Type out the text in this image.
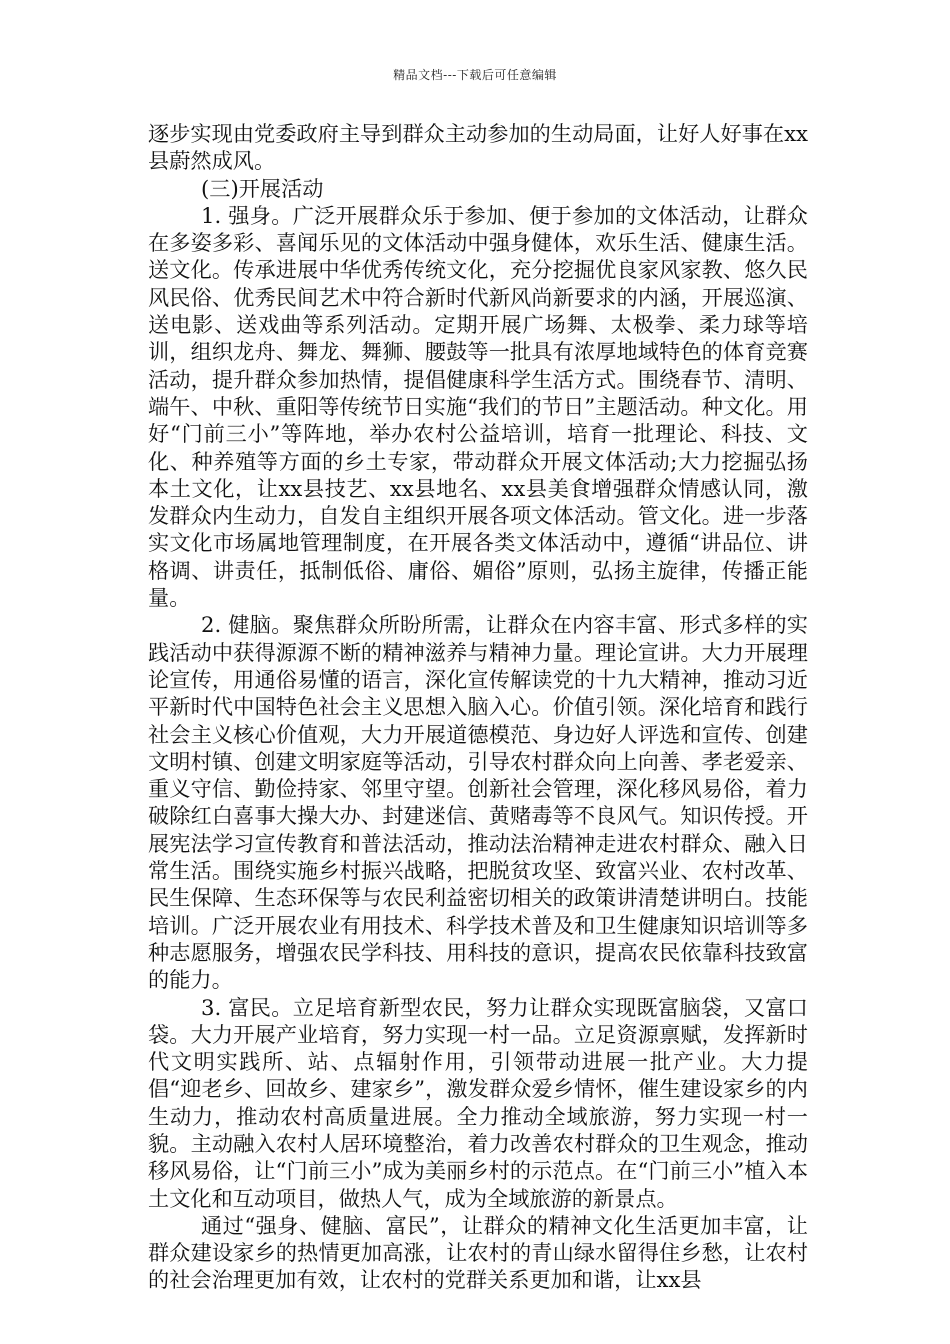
精品文档---下载后可任意编辑

逐步实现由党委政府主导到群众主动参加的生动局面，让好人好事在xx县蔚然成风。

(三)开展活动

1. 强身。广泛开展群众乐于参加、便于参加的文体活动，让群众在多姿多彩、喜闻乐见的文体活动中强身健体，欢乐生活、健康生活。送文化。传承进展中华优秀传统文化，充分挖掘优良家风家教、悠久民风民俗、优秀民间艺术中符合新时代新风尚新要求的内涵，开展巡演、送电影、送戏曲等系列活动。定期开展广场舞、太极拳、柔力球等培训，组织龙舟、舞龙、舞狮、腰鼓等一批具有浓厚地域特色的体育竞赛活动，提升群众参加热情，提倡健康科学生活方式。围绕春节、清明、端午、中秋、重阳等传统节日实施“我们的节日”主题活动。种文化。用好“门前三小”等阵地，举办农村公益培训，培育一批理论、科技、文化、种养殖等方面的乡土专家，带动群众开展文体活动;大力挖掘弘扬本土文化，让xx县技艺、xx县地名、xx县美食增强群众情感认同，激发群众内生动力，自发自主组织开展各项文体活动。管文化。进一步落实文化市场属地管理制度，在开展各类文体活动中，遵循“讲品位、讲格调、讲责任，抵制低俗、庸俗、媚俗”原则，弘扬主旋律，传播正能量。

2. 健脑。聚焦群众所盼所需，让群众在内容丰富、形式多样的实践活动中获得源源不断的精神滋养与精神力量。理论宣讲。大力开展理论宣传，用通俗易懂的语言，深化宣传解读党的十九大精神，推动习近平新时代中国特色社会主义思想入脑入心。价值引领。深化培育和践行社会主义核心价值观，大力开展道德模范、身边好人评选和宣传、创建文明村镇、创建文明家庭等活动，引导农村群众向上向善、孝老爱亲、重义守信、勤俭持家、邻里守望。创新社会管理，深化移风易俗，着力破除红白喜事大操大办、封建迷信、黄赌毒等不良风气。知识传授。开展宪法学习宣传教育和普法活动，推动法治精神走进农村群众、融入日常生活。围绕实施乡村振兴战略，把脱贫攻坚、致富兴业、农村改革、民生保障、生态环保等与农民利益密切相关的政策讲清楚讲明白。技能培训。广泛开展农业有用技术、科学技术普及和卫生健康知识培训等多种志愿服务，增强农民学科技、用科技的意识，提高农民依靠科技致富的能力。

3. 富民。立足培育新型农民，努力让群众实现既富脑袋，又富口袋。大力开展产业培育，努力实现一村一品。立足资源禀赋，发挥新时代文明实践所、站、点辐射作用，引领带动进展一批产业。大力提倡“迎老乡、回故乡、建家乡”，激发群众爱乡情怀，催生建设家乡的内生动力，推动农村高质量进展。全力推动全域旅游，努力实现一村一貌。主动融入农村人居环境整治，着力改善农村群众的卫生观念，推动移风易俗，让“门前三小”成为美丽乡村的示范点。在“门前三小”植入本土文化和互动项目，做热人气，成为全域旅游的新景点。

通过“强身、健脑、富民”，让群众的精神文化生活更加丰富，让群众建设家乡的热情更加高涨，让农村的青山绿水留得住乡愁，让农村的社会治理更加有效，让农村的党群关系更加和谐，让xx县
